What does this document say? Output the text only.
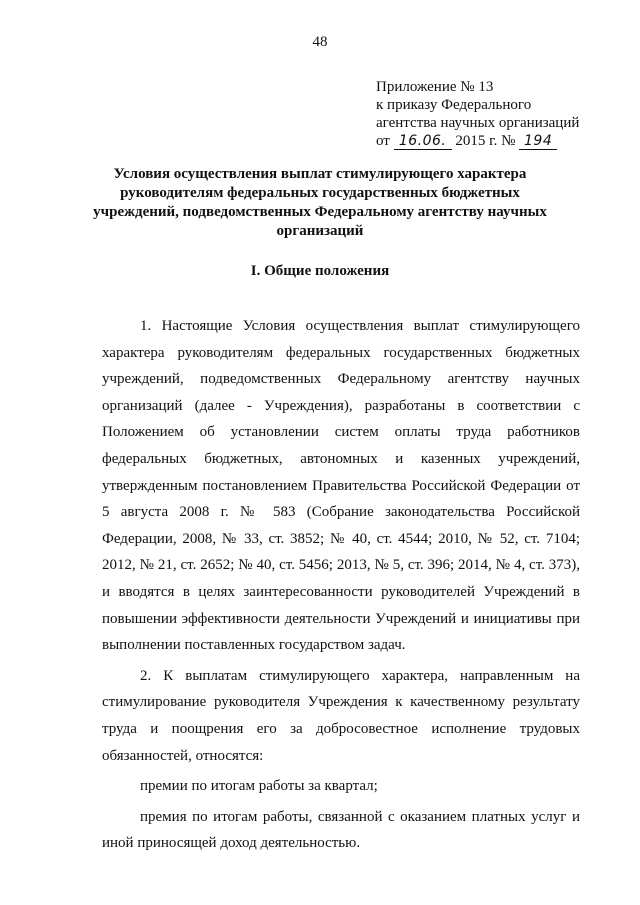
48
Приложение № 13
к приказу Федерального
агентства научных организаций
от 16.06. 2015 г. № 194
Условия осуществления выплат стимулирующего характера руководителям федеральных государственных бюджетных учреждений, подведомственных Федеральному агентству научных организаций
I. Общие положения

1. Настоящие Условия осуществления выплат стимулирующего характера руководителям федеральных государственных бюджетных учреждений, подведомственных Федеральному агентству научных организаций (далее - Учреждения), разработаны в соответствии с Положением об установлении систем оплаты труда работников федеральных бюджетных, автономных и казенных учреждений, утвержденным постановлением Правительства Российской Федерации от 5 августа 2008 г. № 583 (Собрание законодательства Российской Федерации, 2008, № 33, ст. 3852; № 40, ст. 4544; 2010, № 52, ст. 7104; 2012, № 21, ст. 2652; № 40, ст. 5456; 2013, № 5, ст. 396; 2014, № 4, ст. 373), и вводятся в целях заинтересованности руководителей Учреждений в повышении эффективности деятельности Учреждений и инициативы при выполнении поставленных государством задач.

2. К выплатам стимулирующего характера, направленным на стимулирование руководителя Учреждения к качественному результату труда и поощрения его за добросовестное исполнение трудовых обязанностей, относятся:

премии по итогам работы за квартал;

премия по итогам работы, связанной с оказанием платных услуг и иной приносящей доход деятельностью.
